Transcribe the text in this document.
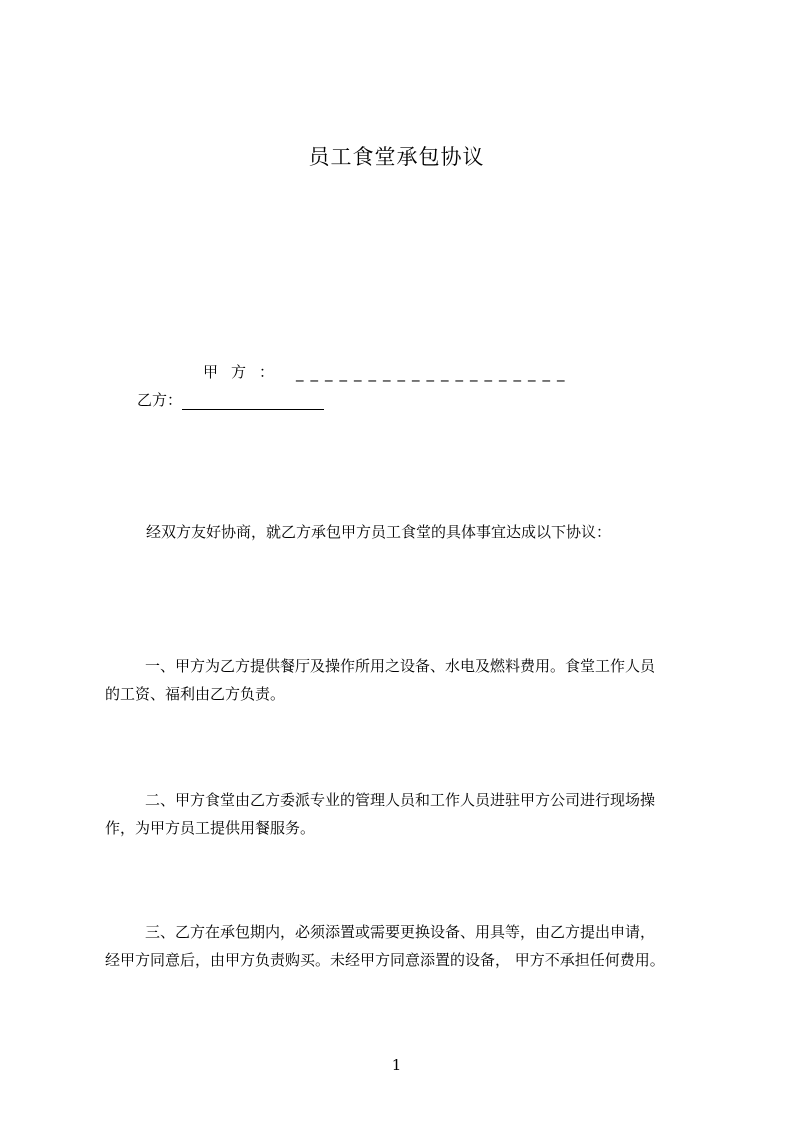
员工食堂承包协议
甲方： ___________________
乙方：
经双方友好协商，就乙方承包甲方员工食堂的具体事宜达成以下协议：
一、甲方为乙方提供餐厅及操作所用之设备、水电及燃料费用。食堂工作人员
的工资、福利由乙方负责。
二、甲方食堂由乙方委派专业的管理人员和工作人员进驻甲方公司进行现场操
作，为甲方员工提供用餐服务。
三、乙方在承包期内，必须添置或需要更换设备、用具等，由乙方提出申请，
经甲方同意后，由甲方负责购买。未经甲方同意添置的设备， 甲方不承担任何费用。
1
